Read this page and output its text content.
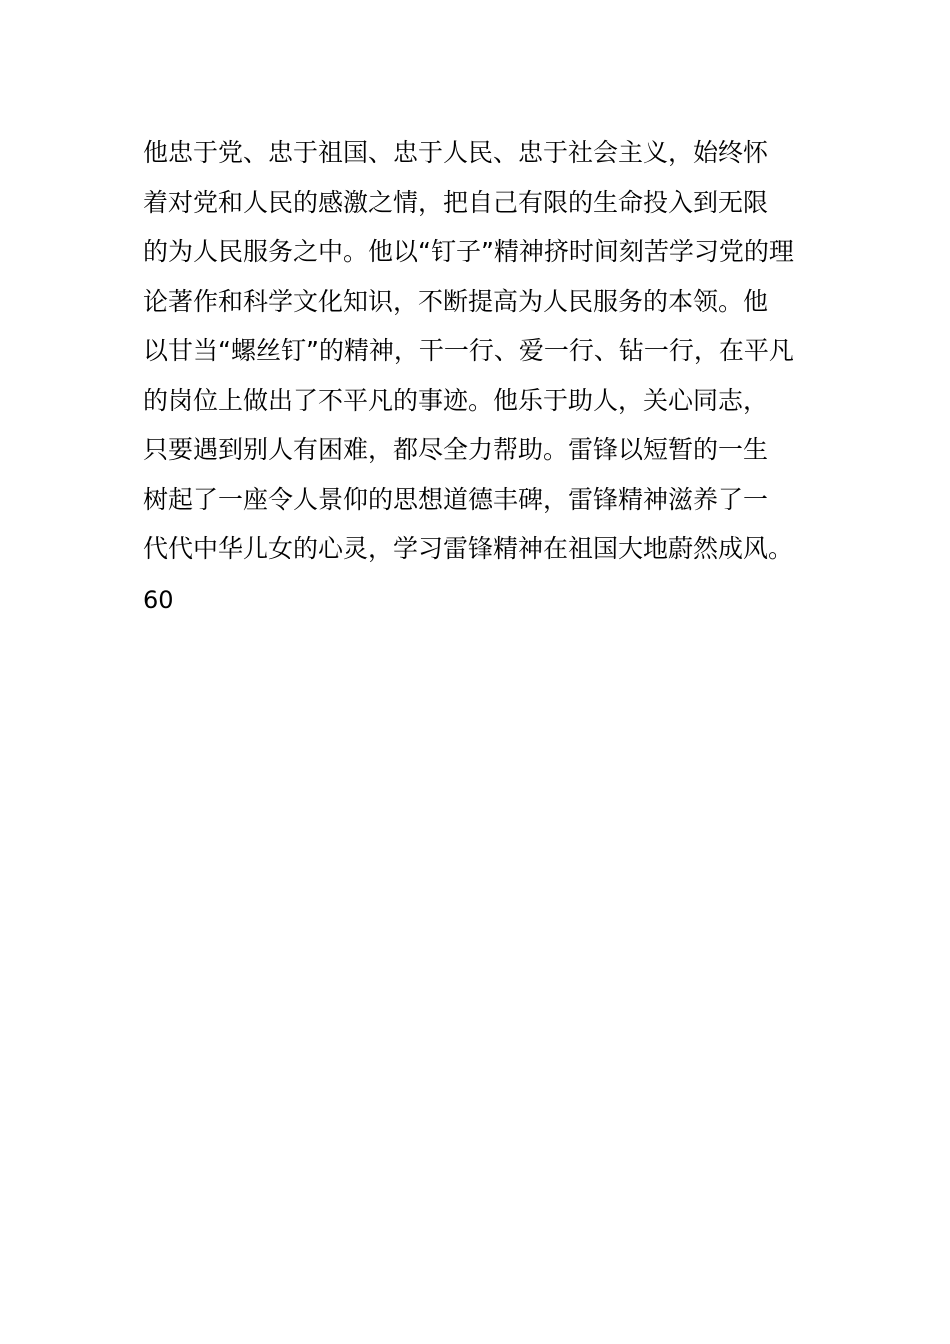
他忠于党、忠于祖国、忠于人民、忠于社会主义，始终怀
着对党和人民的感激之情，把自己有限的生命投入到无限
的为人民服务之中。他以“钉子”精神挤时间刻苦学习党的理
论著作和科学文化知识，不断提高为人民服务的本领。他
以甘当“螺丝钉”的精神，干一行、爱一行、钻一行，在平凡
的岗位上做出了不平凡的事迹。他乐于助人，关心同志，
只要遇到别人有困难，都尽全力帮助。雷锋以短暂的一生
树起了一座令人景仰的思想道德丰碑，雷锋精神滋养了一
代代中华儿女的心灵，学习雷锋精神在祖国大地蔚然成风。
60
